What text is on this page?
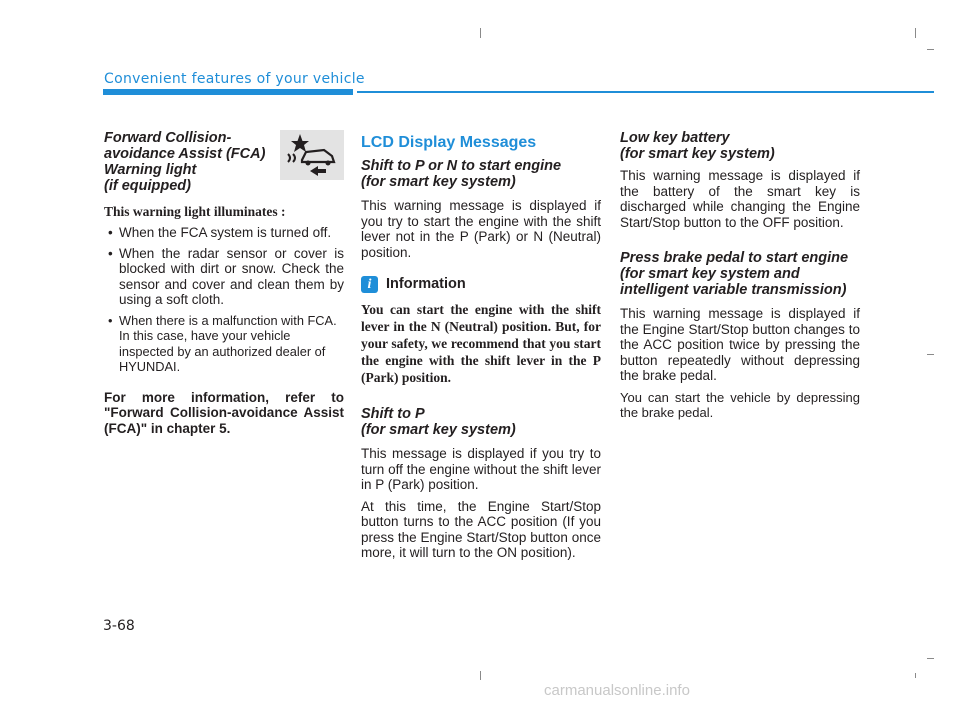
Convenient features of your vehicle
Forward Collision-
avoidance Assist (FCA)
Warning light
(if equipped)

This warning light illuminates :

• When the FCA system is turned off.

• When the radar sensor or cover is blocked with dirt or snow. Check the sensor and cover and clean them by using a soft cloth.

• When there is a malfunction with FCA. In this case, have your vehicle inspected by an authorized dealer of HYUNDAI.

For more information, refer to "Forward Collision-avoidance Assist (FCA)" in chapter 5.

LCD Display Messages
Shift to P or N to start engine
(for smart key system)

This warning message is displayed if you try to start the engine with the shift lever not in the P (Park) or N (Neutral) position.

i	Information

You can start the engine with the shift lever in the N (Neutral) position. But, for your safety, we recommend that you start the engine with the shift lever in the P (Park) position.

Shift to P
(for smart key system)

This message is displayed if you try to turn off the engine without the shift lever in P (Park) position.

At this time, the Engine Start/Stop button turns to the ACC position (If you press the Engine Start/Stop button once more, it will turn to the ON position).

Low key battery
(for smart key system)

This warning message is displayed if the battery of the smart key is discharged while changing the Engine Start/Stop button to the OFF position.

Press brake pedal to start engine
(for smart key system and intelligent variable transmission)

This warning message is displayed if the Engine Start/Stop button changes to the ACC position twice by pressing the button repeatedly without depressing the brake pedal.

You can start the vehicle by depressing the brake pedal.

3-68
carmanualsonline.info
